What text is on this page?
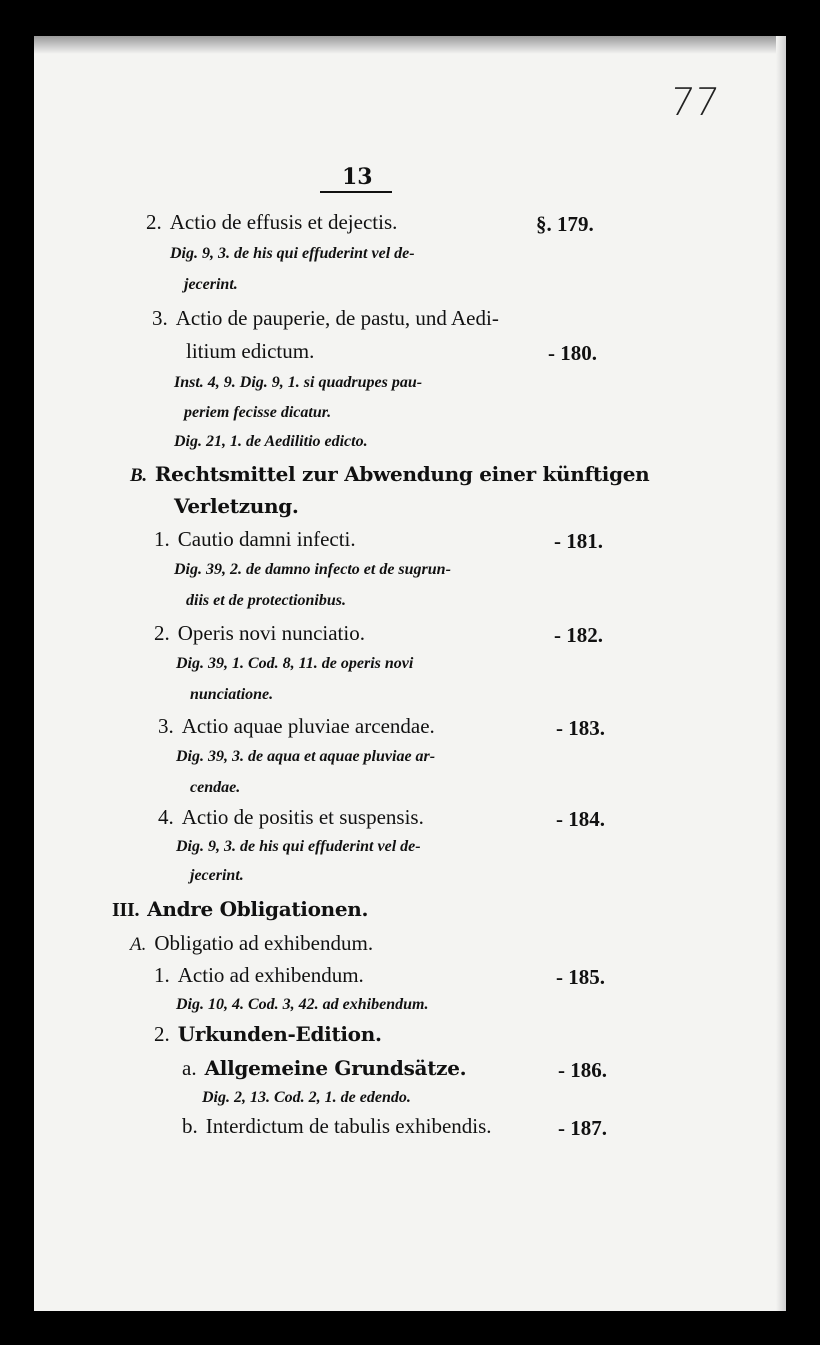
77
13
2. Actio de effusis et dejectis.	§. 179.
Dig. 9, 3. de his qui effuderint vel de-
jecerint.
3. Actio de pauperie, de pastu, und Aedi-
litium edictum.	- 180.
Inst. 4, 9. Dig. 9, 1. si quadrupes pau-
periem fecisse dicatur.
Dig. 21, 1. de Aedilitio edicto.
B. Rechtsmittel zur Abwendung einer künftigen
Verletzung.
1. Cautio damni infecti.	- 181.
Dig. 39, 2. de damno infecto et de sugrun-
diis et de protectionibus.
2. Operis novi nunciatio.	- 182.
Dig. 39, 1. Cod. 8, 11. de operis novi
nunciatione.
3. Actio aquae pluviae arcendae.	- 183.
Dig. 39, 3. de aqua et aquae pluviae ar-
cendae.
4. Actio de positis et suspensis.	- 184.
Dig. 9, 3. de his qui effuderint vel de-
jecerint.
III. Andre Obligationen.
A. Obligatio ad exhibendum.
1. Actio ad exhibendum.	- 185.
Dig. 10, 4. Cod. 3, 42. ad exhibendum.
2. Urkunden-Edition.
a. Allgemeine Grundsätze.	- 186.
Dig. 2, 13. Cod. 2, 1. de edendo.
b. Interdictum de tabulis exhibendis.	- 187.
